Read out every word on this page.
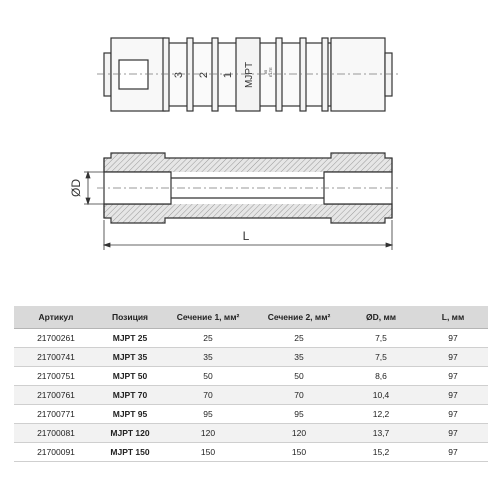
3 2 1 MJPT 95 ELTE
ØD
L
Артикул	Позиция	Сечение 1, мм²	Сечение 2, мм²	ØD, мм	L, мм
21700261	MJPT 25	25	25	7,5	97
21700741	MJPT 35	35	35	7,5	97
21700751	MJPT 50	50	50	8,6	97
21700761	MJPT 70	70	70	10,4	97
21700771	MJPT 95	95	95	12,2	97
21700081	MJPT 120	120	120	13,7	97
21700091	MJPT 150	150	150	15,2	97
